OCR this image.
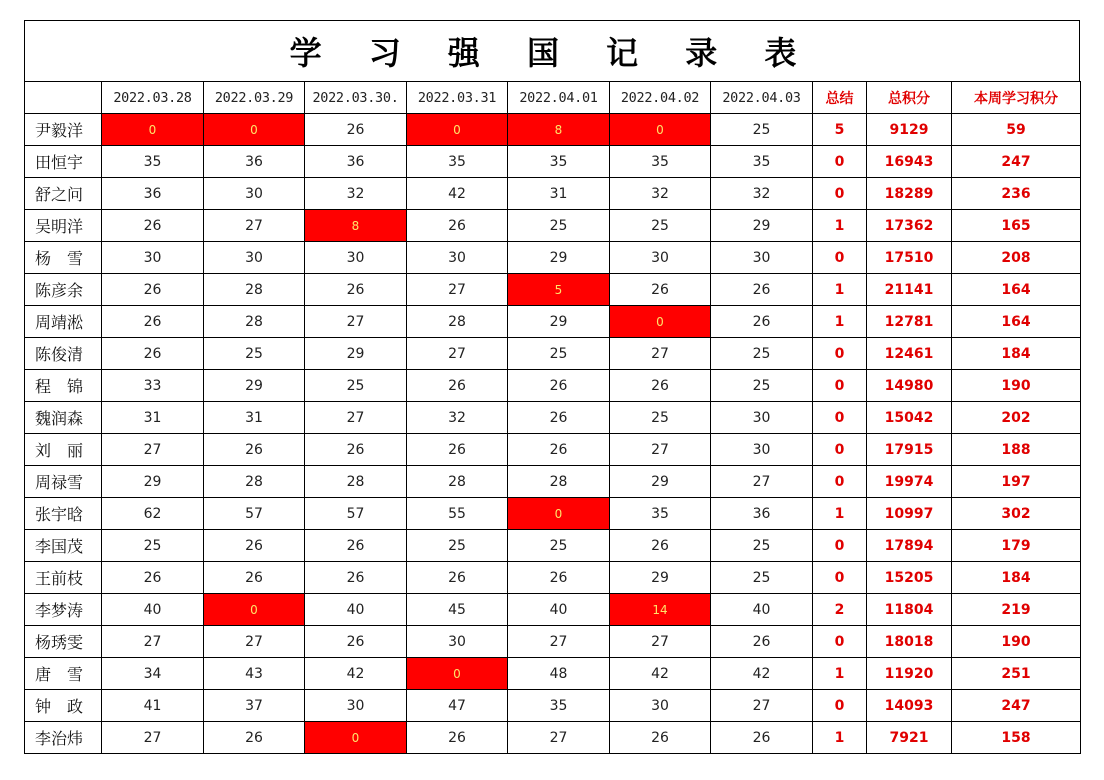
学 习 强 国 记 录 表
	2022.03.28	2022.03.29	2022.03.30.	2022.03.31	2022.04.01	2022.04.02	2022.04.03	总结	总积分	本周学习积分
尹毅洋	0	0	26	0	8	0	25	5	9129	59
田恒宇	35	36	36	35	35	35	35	0	16943	247
舒之问	36	30	32	42	31	32	32	0	18289	236
吴明洋	26	27	8	26	25	25	29	1	17362	165
杨　雪	30	30	30	30	29	30	30	0	17510	208
陈彦余	26	28	26	27	5	26	26	1	21141	164
周靖淞	26	28	27	28	29	0	26	1	12781	164
陈俊清	26	25	29	27	25	27	25	0	12461	184
程　锦	33	29	25	26	26	26	25	0	14980	190
魏润森	31	31	27	32	26	25	30	0	15042	202
刘　丽	27	26	26	26	26	27	30	0	17915	188
周禄雪	29	28	28	28	28	29	27	0	19974	197
张宇晗	62	57	57	55	0	35	36	1	10997	302
李国茂	25	26	26	25	25	26	25	0	17894	179
王前枝	26	26	26	26	26	29	25	0	15205	184
李梦涛	40	0	40	45	40	14	40	2	11804	219
杨琇雯	27	27	26	30	27	27	26	0	18018	190
唐　雪	34	43	42	0	48	42	42	1	11920	251
钟　政	41	37	30	47	35	30	27	0	14093	247
李治炜	27	26	0	26	27	26	26	1	7921	158
